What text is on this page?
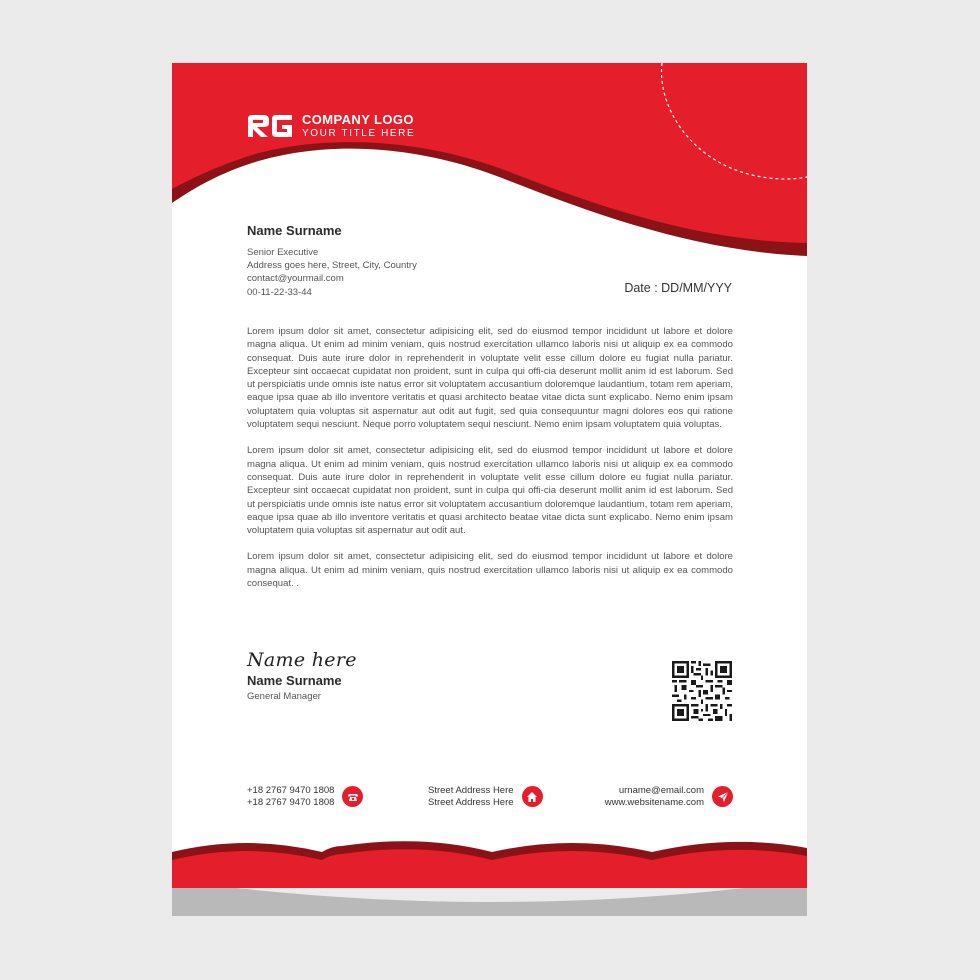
COMPANY LOGO
YOUR TITLE HERE
Name Surname
Senior Executive
Address goes here, Street, City, Country
contact@yourmail.com
00-11-22-33-44	Date : DD/MM/YYY

Lorem ipsum dolor sit amet, consectetur adipisicing elit, sed do eiusmod tempor incididunt ut labore et dolore magna aliqua. Ut enim ad minim veniam, quis nostrud exercitation ullamco laboris nisi ut aliquip ex ea commodo consequat. Duis aute irure dolor in reprehenderit in voluptate velit esse cillum dolore eu fugiat nulla pariatur. Excepteur sint occaecat cupidatat non proident, sunt in culpa qui offi-cia deserunt mollit anim id est laborum. Sed ut perspiciatis unde omnis iste natus error sit voluptatem accusantium doloremque laudantium, totam rem aperiam, eaque ipsa quae ab illo inventore veritatis et quasi architecto beatae vitae dicta sunt explicabo. Nemo enim ipsam voluptatem quia voluptas sit aspernatur aut odit aut fugit, sed quia consequuntur magni dolores eos qui ratione voluptatem sequi nesciunt. Neque porro voluptatem sequi nesciunt. Nemo enim ipsam voluptatem quia voluptas.

Lorem ipsum dolor sit amet, consectetur adipisicing elit, sed do eiusmod tempor incididunt ut labore et dolore magna aliqua. Ut enim ad minim veniam, quis nostrud exercitation ullamco laboris nisi ut aliquip ex ea commodo consequat. Duis aute irure dolor in reprehenderit in voluptate velit esse cillum dolore eu fugiat nulla pariatur. Excepteur sint occaecat cupidatat non proident, sunt in culpa qui offi-cia deserunt mollit anim id est laborum. Sed ut perspiciatis unde omnis iste natus error sit voluptatem accusantium doloremque laudantium, totam rem aperiam, eaque ipsa quae ab illo inventore veritatis et quasi architecto beatae vitae dicta sunt explicabo. Nemo enim ipsam voluptatem quia voluptas sit aspernatur aut odit aut.

Lorem ipsum dolor sit amet, consectetur adipisicing elit, sed do eiusmod tempor incididunt ut labore et dolore magna aliqua. Ut enim ad minim veniam, quis nostrud exercitation ullamco laboris nisi ut aliquip ex ea commodo consequat. .

Name here
Name Surname
General Manager
+18 2767 9470 1808
+18 2767 9470 1808
Street Address Here
Street Address Here
urname@email.com
www.websitename.com
